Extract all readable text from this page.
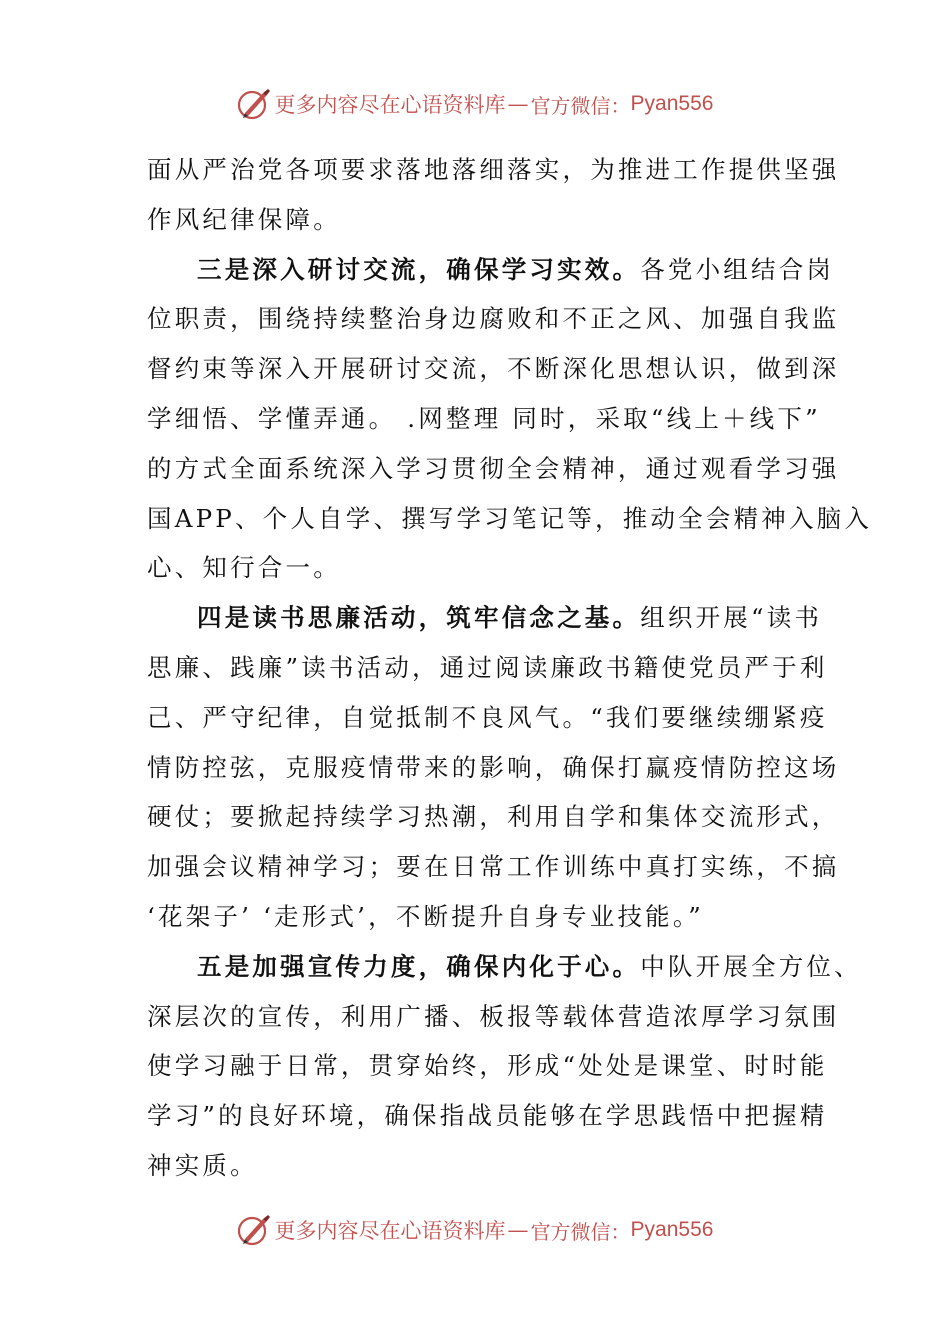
更多内容尽在心语资料库 — 官方微信： Pyan556
面从严治党各项要求落地落细落实，为推进工作提供坚强
作风纪律保障。
三是深入研讨交流，确保学习实效。各党小组结合岗
位职责，围绕持续整治身边腐败和不正之风、加强自我监
督约束等深入开展研讨交流，不断深化思想认识，做到深
学细悟、学懂弄通。 .网整理 同时，采取“线上＋线下”
的方式全面系统深入学习贯彻全会精神，通过观看学习强
国APP、个人自学、撰写学习笔记等，推动全会精神入脑入
心、知行合一。
四是读书思廉活动，筑牢信念之基。组织开展“读书
思廉、践廉”读书活动，通过阅读廉政书籍使党员严于利
己、严守纪律，自觉抵制不良风气。“我们要继续绷紧疫
情防控弦，克服疫情带来的影响，确保打赢疫情防控这场
硬仗；要掀起持续学习热潮，利用自学和集体交流形式，
加强会议精神学习；要在日常工作训练中真打实练，不搞
‘花架子’ ‘走形式’，不断提升自身专业技能。”
五是加强宣传力度，确保内化于心。中队开展全方位、
深层次的宣传，利用广播、板报等载体营造浓厚学习氛围
使学习融于日常，贯穿始终，形成“处处是课堂、时时能
学习”的良好环境，确保指战员能够在学思践悟中把握精
神实质。
更多内容尽在心语资料库 — 官方微信： Pyan556
